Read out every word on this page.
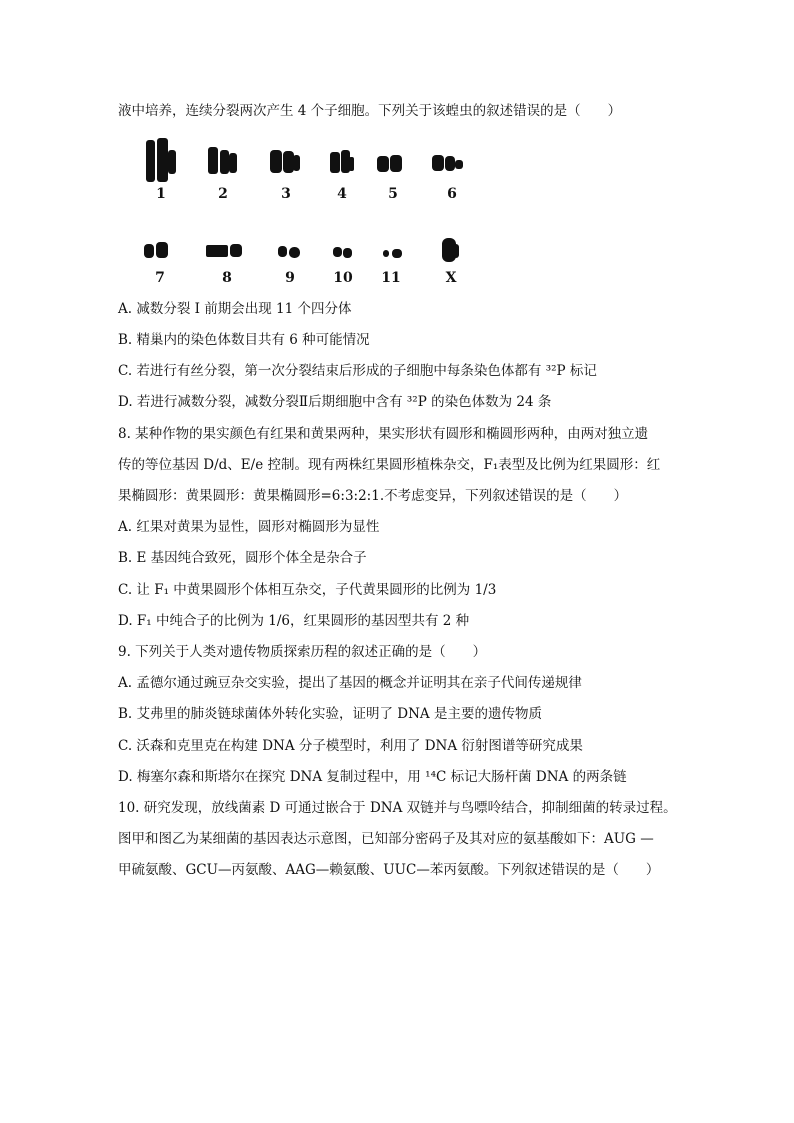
1	2	3	4	5	6
7	8	9	10	11	X
液中培养，连续分裂两次产生 4 个子细胞。下列关于该蝗虫的叙述错误的是（　　）
A. 减数分裂 I 前期会出现 11 个四分体
B. 精巢内的染色体数目共有 6 种可能情况
C. 若进行有丝分裂，第一次分裂结束后形成的子细胞中每条染色体都有 ³²P 标记
D. 若进行减数分裂，减数分裂Ⅱ后期细胞中含有 ³²P 的染色体数为 24 条
8. 某种作物的果实颜色有红果和黄果两种，果实形状有圆形和椭圆形两种，由两对独立遗
传的等位基因 D/d、E/e 控制。现有两株红果圆形植株杂交，F₁表型及比例为红果圆形：红
果椭圆形：黄果圆形：黄果椭圆形=6:3:2:1.不考虑变异，下列叙述错误的是（　　）
A. 红果对黄果为显性，圆形对椭圆形为显性
B. E 基因纯合致死，圆形个体全是杂合子
C. 让 F₁ 中黄果圆形个体相互杂交，子代黄果圆形的比例为 1/3
D. F₁ 中纯合子的比例为 1/6，红果圆形的基因型共有 2 种
9. 下列关于人类对遗传物质探索历程的叙述正确的是（　　）
A. 孟德尔通过豌豆杂交实验，提出了基因的概念并证明其在亲子代间传递规律
B. 艾弗里的肺炎链球菌体外转化实验，证明了 DNA 是主要的遗传物质
C. 沃森和克里克在构建 DNA 分子模型时，利用了 DNA 衍射图谱等研究成果
D. 梅塞尔森和斯塔尔在探究 DNA 复制过程中，用 ¹⁴C 标记大肠杆菌 DNA 的两条链
10. 研究发现，放线菌素 D 可通过嵌合于 DNA 双链并与鸟嘌呤结合，抑制细菌的转录过程。
图甲和图乙为某细菌的基因表达示意图，已知部分密码子及其对应的氨基酸如下：AUG —
甲硫氨酸、GCU—丙氨酸、AAG—赖氨酸、UUC—苯丙氨酸。下列叙述错误的是（　　）
